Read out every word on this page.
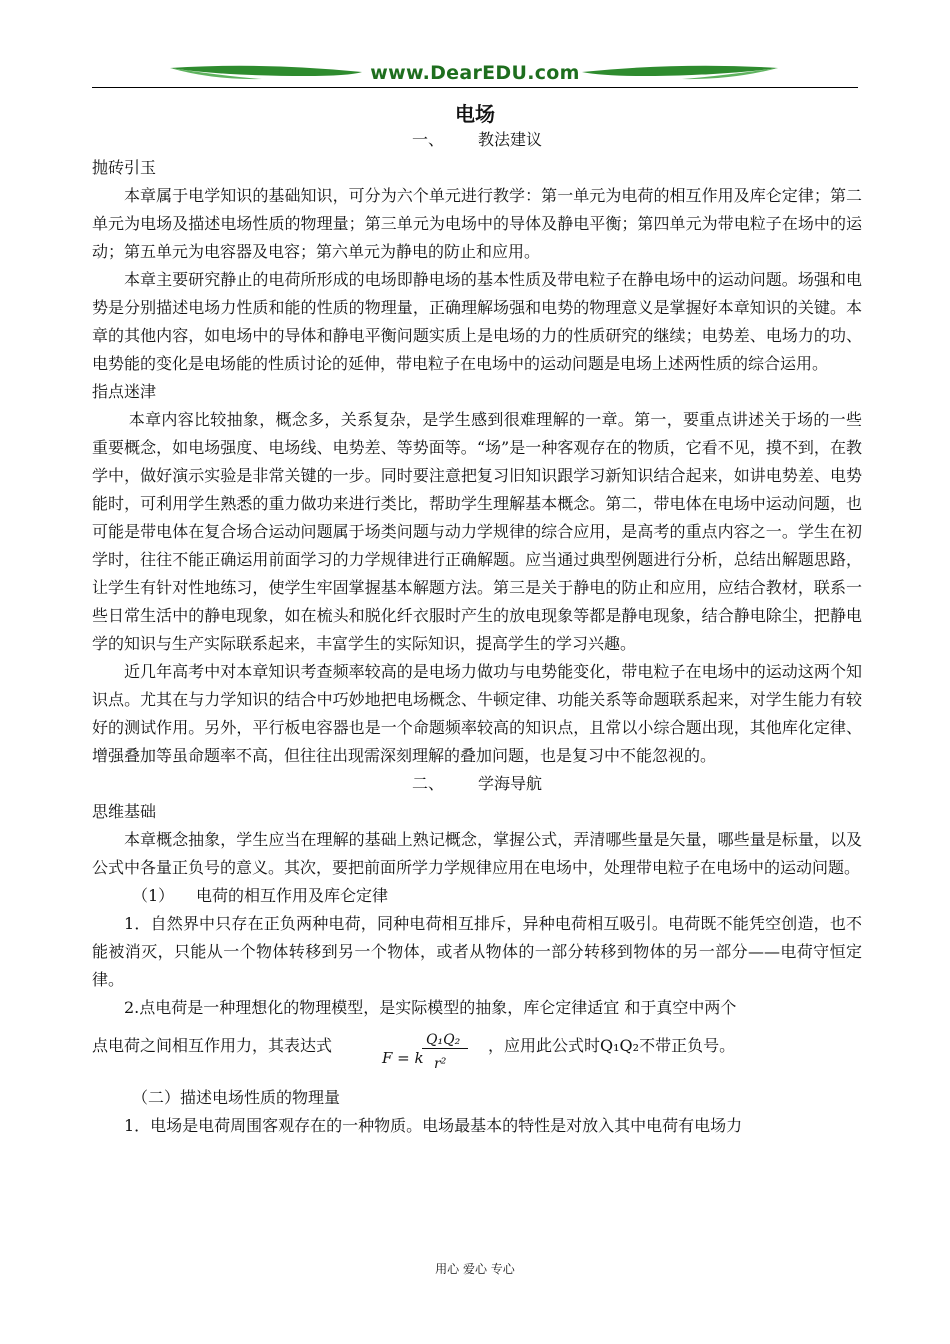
www.DearEDU.com
电场

一、 教法建议

抛砖引玉

本章属于电学知识的基础知识，可分为六个单元进行教学：第一单元为电荷的相互作用及库仑定律；第二单元为电场及描述电场性质的物理量；第三单元为电场中的导体及静电平衡；第四单元为带电粒子在场中的运动；第五单元为电容器及电容；第六单元为静电的防止和应用。

本章主要研究静止的电荷所形成的电场即静电场的基本性质及带电粒子在静电场中的运动问题。场强和电势是分别描述电场力性质和能的性质的物理量，正确理解场强和电势的物理意义是掌握好本章知识的关键。本章的其他内容，如电场中的导体和静电平衡问题实质上是电场的力的性质研究的继续；电势差、电场力的功、电势能的变化是电场能的性质讨论的延伸，带电粒子在电场中的运动问题是电场上述两性质的综合运用。

指点迷津

本章内容比较抽象，概念多，关系复杂，是学生感到很难理解的一章。第一，要重点讲述关于场的一些重要概念，如电场强度、电场线、电势差、等势面等。“场”是一种客观存在的物质，它看不见，摸不到，在教学中，做好演示实验是非常关键的一步。同时要注意把复习旧知识跟学习新知识结合起来，如讲电势差、电势能时，可利用学生熟悉的重力做功来进行类比，帮助学生理解基本概念。第二，带电体在电场中运动问题，也可能是带电体在复合场合运动问题属于场类问题与动力学规律的综合应用，是高考的重点内容之一。学生在初学时，往往不能正确运用前面学习的力学规律进行正确解题。应当通过典型例题进行分析，总结出解题思路，让学生有针对性地练习，使学生牢固掌握基本解题方法。第三是关于静电的防止和应用，应结合教材，联系一些日常生活中的静电现象，如在梳头和脱化纤衣服时产生的放电现象等都是静电现象，结合静电除尘，把静电学的知识与生产实际联系起来，丰富学生的实际知识，提高学生的学习兴趣。

近几年高考中对本章知识考查频率较高的是电场力做功与电势能变化，带电粒子在电场中的运动这两个知识点。尤其在与力学知识的结合中巧妙地把电场概念、牛顿定律、功能关系等命题联系起来，对学生能力有较好的测试作用。另外，平行板电容器也是一个命题频率较高的知识点，且常以小综合题出现，其他库化定律、增强叠加等虽命题率不高，但往往出现需深刻理解的叠加问题，也是复习中不能忽视的。

二、 学海导航

思维基础

本章概念抽象，学生应当在理解的基础上熟记概念，掌握公式，弄清哪些量是矢量，哪些量是标量，以及公式中各量正负号的意义。其次，要把前面所学力学规律应用在电场中，处理带电粒子在电场中的运动问题。

（1） 电荷的相互作用及库仑定律

1．自然界中只存在正负两种电荷，同种电荷相互排斥，异种电荷相互吸引。电荷既不能凭空创造，也不能被消灭，只能从一个物体转移到另一个物体，或者从物体的一部分转移到物体的另一部分——电荷守恒定律。

2.点电荷是一种理想化的物理模型，是实际模型的抽象，库仑定律适宜 和于真空中两个

点电荷之间相互作用力，其表达式
F = k
Q₁Q₂
r²
，应用此公式时Q₁Q₂不带正负号。

（二）描述电场性质的物理量

1．电场是电荷周围客观存在的一种物质。电场最基本的特性是对放入其中电荷有电场力

用心 爱心 专心
